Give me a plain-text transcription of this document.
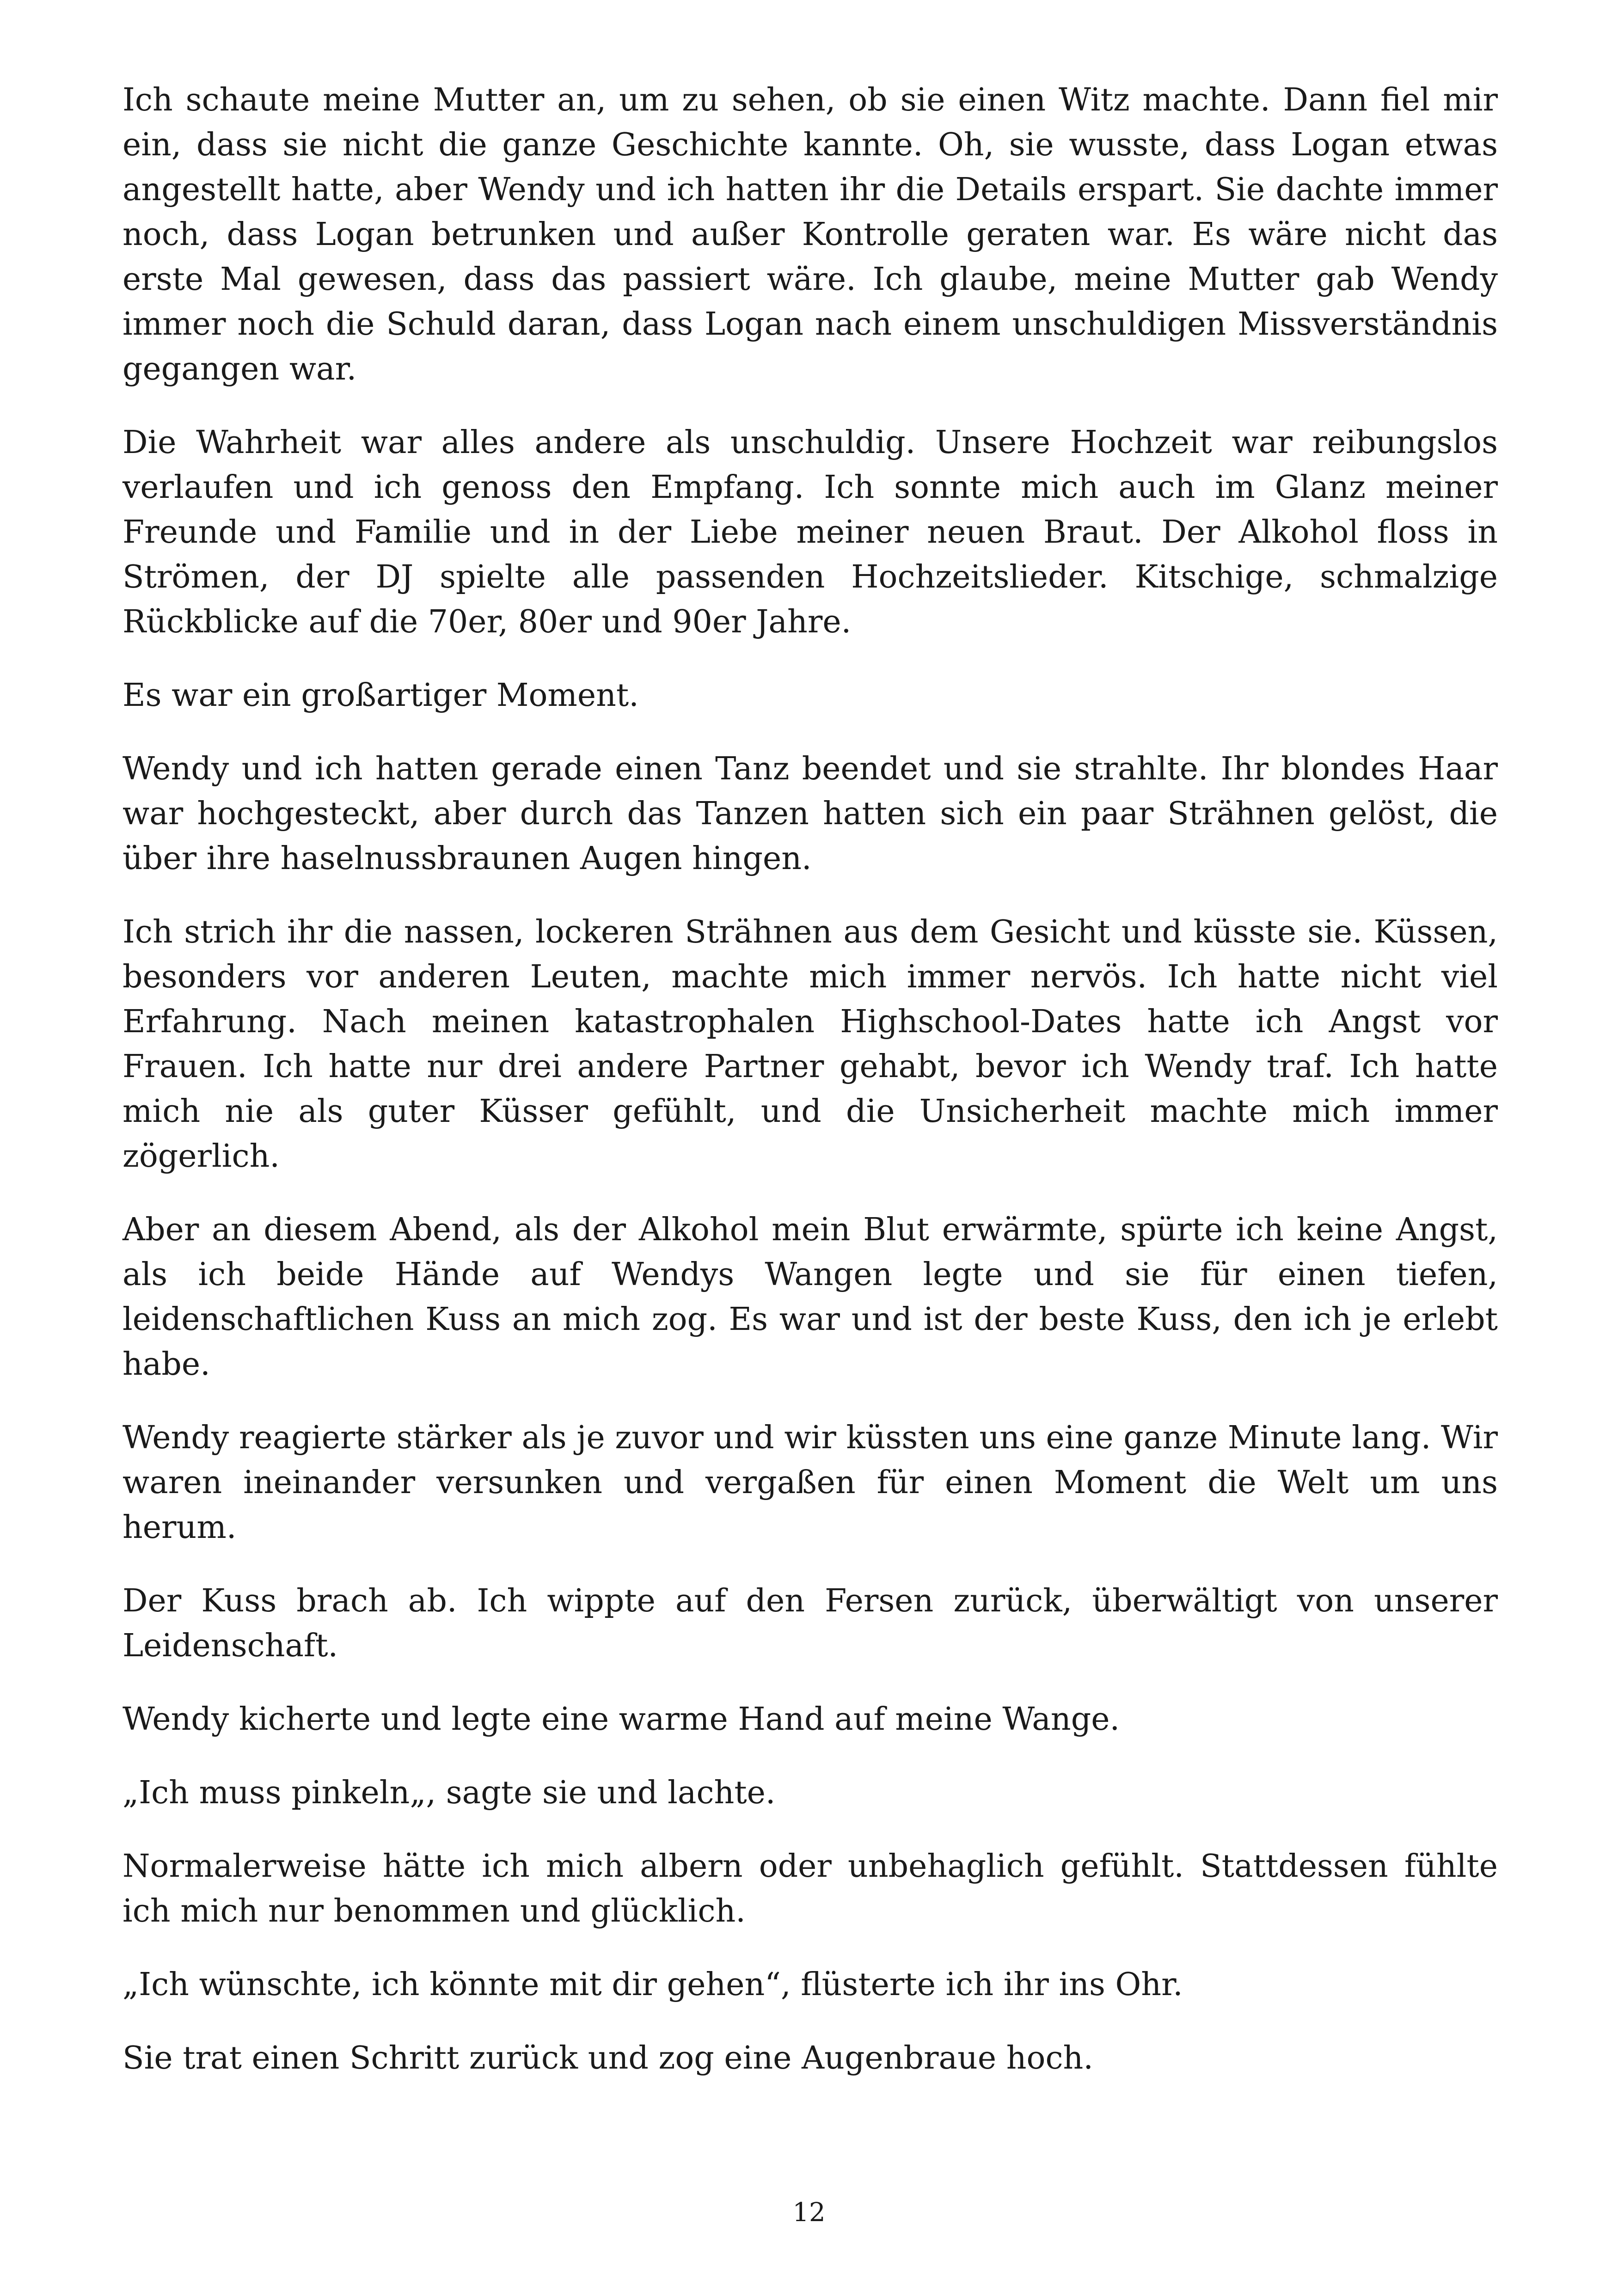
Ich schaute meine Mutter an, um zu sehen, ob sie einen Witz machte. Dann fiel mir ein, dass sie nicht die ganze Geschichte kannte. Oh, sie wusste, dass Logan etwas angestellt hatte, aber Wendy und ich hatten ihr die Details erspart. Sie dachte immer noch, dass Logan betrunken und außer Kontrolle geraten war. Es wäre nicht das erste Mal gewesen, dass das passiert wäre. Ich glaube, meine Mutter gab Wendy immer noch die Schuld daran, dass Logan nach einem unschuldigen Missverständnis gegangen war.

Die Wahrheit war alles andere als unschuldig. Unsere Hochzeit war reibungslos verlaufen und ich genoss den Empfang. Ich sonnte mich auch im Glanz meiner Freunde und Familie und in der Liebe meiner neuen Braut. Der Alkohol floss in Strömen, der DJ spielte alle passenden Hochzeitslieder. Kitschige, schmalzige Rückblicke auf die 70er, 80er und 90er Jahre.

Es war ein großartiger Moment.

Wendy und ich hatten gerade einen Tanz beendet und sie strahlte. Ihr blondes Haar war hochgesteckt, aber durch das Tanzen hatten sich ein paar Strähnen gelöst, die über ihre haselnussbraunen Augen hingen.

Ich strich ihr die nassen, lockeren Strähnen aus dem Gesicht und küsste sie. Küssen, besonders vor anderen Leuten, machte mich immer nervös. Ich hatte nicht viel Erfahrung. Nach meinen katastrophalen Highschool-Dates hatte ich Angst vor Frauen. Ich hatte nur drei andere Partner gehabt, bevor ich Wendy traf. Ich hatte mich nie als guter Küsser gefühlt, und die Unsicherheit machte mich immer zögerlich.

Aber an diesem Abend, als der Alkohol mein Blut erwärmte, spürte ich keine Angst, als ich beide Hände auf Wendys Wangen legte und sie für einen tiefen, leidenschaftlichen Kuss an mich zog. Es war und ist der beste Kuss, den ich je erlebt habe.

Wendy reagierte stärker als je zuvor und wir küssten uns eine ganze Minute lang. Wir waren ineinander versunken und vergaßen für einen Moment die Welt um uns herum.

Der Kuss brach ab. Ich wippte auf den Fersen zurück, überwältigt von unserer Leidenschaft.

Wendy kicherte und legte eine warme Hand auf meine Wange.

„Ich muss pinkeln„, sagte sie und lachte.

Normalerweise hätte ich mich albern oder unbehaglich gefühlt. Stattdessen fühlte ich mich nur benommen und glücklich.

„Ich wünschte, ich könnte mit dir gehen“, flüsterte ich ihr ins Ohr.

Sie trat einen Schritt zurück und zog eine Augenbraue hoch.

12
